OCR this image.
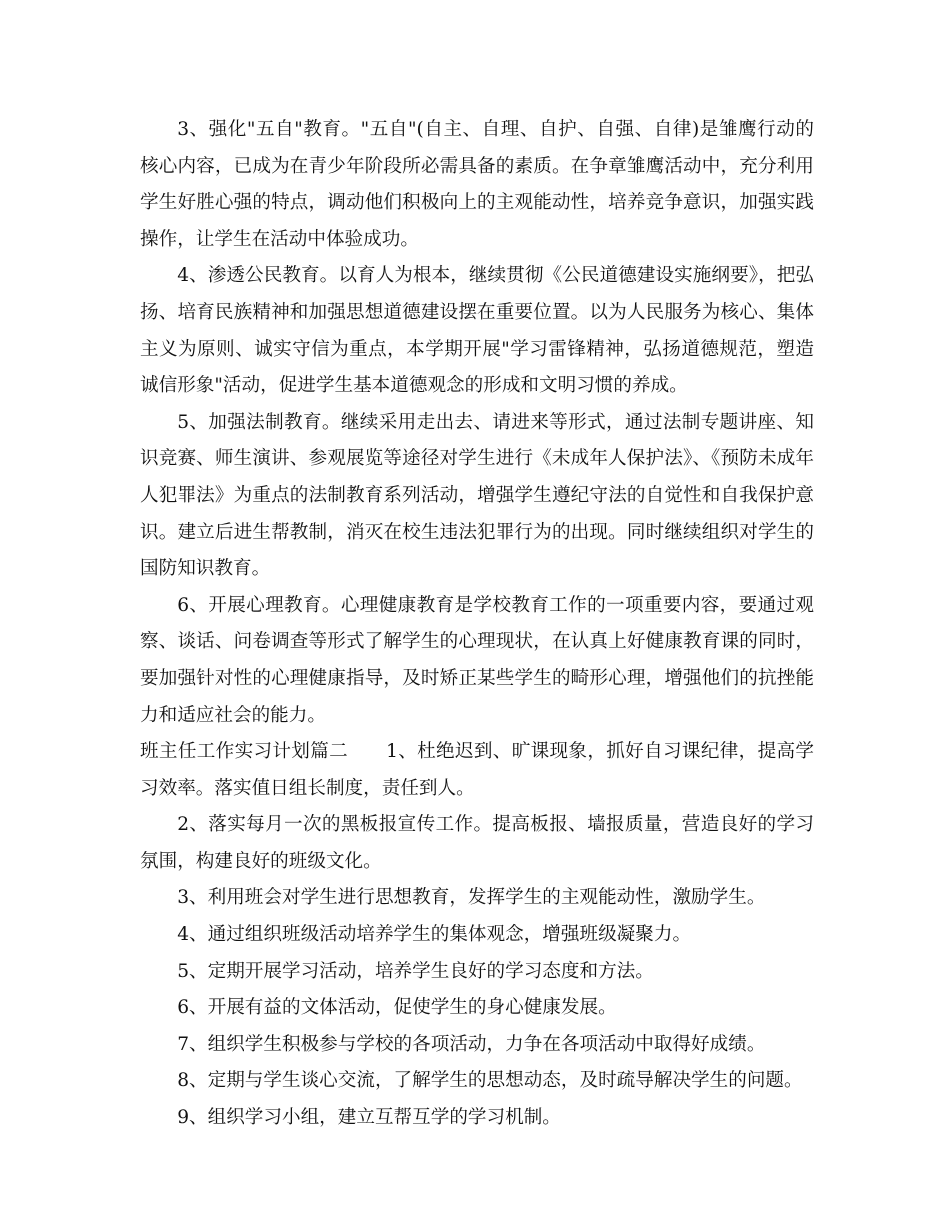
3、强化"五自"教育。"五自"(自主、自理、自护、自强、自律)是雏鹰行动的核心内容，已成为在青少年阶段所必需具备的素质。在争章雏鹰活动中，充分利用学生好胜心强的特点，调动他们积极向上的主观能动性，培养竞争意识，加强实践操作，让学生在活动中体验成功。

4、渗透公民教育。以育人为根本，继续贯彻《公民道德建设实施纲要》，把弘扬、培育民族精神和加强思想道德建设摆在重要位置。以为人民服务为核心、集体主义为原则、诚实守信为重点，本学期开展"学习雷锋精神，弘扬道德规范，塑造诚信形象"活动，促进学生基本道德观念的形成和文明习惯的养成。

5、加强法制教育。继续采用走出去、请进来等形式，通过法制专题讲座、知识竞赛、师生演讲、参观展览等途径对学生进行《未成年人保护法》、《预防未成年人犯罪法》为重点的法制教育系列活动，增强学生遵纪守法的自觉性和自我保护意识。建立后进生帮教制，消灭在校生违法犯罪行为的出现。同时继续组织对学生的国防知识教育。

6、开展心理教育。心理健康教育是学校教育工作的一项重要内容，要通过观察、谈话、问卷调查等形式了解学生的心理现状，在认真上好健康教育课的同时，要加强针对性的心理健康指导，及时矫正某些学生的畸形心理，增强他们的抗挫能力和适应社会的能力。

班主任工作实习计划篇二 1、杜绝迟到、旷课现象，抓好自习课纪律，提高学习效率。落实值日组长制度，责任到人。

2、落实每月一次的黑板报宣传工作。提高板报、墙报质量，营造良好的学习氛围，构建良好的班级文化。

3、利用班会对学生进行思想教育，发挥学生的主观能动性，激励学生。

4、通过组织班级活动培养学生的集体观念，增强班级凝聚力。

5、定期开展学习活动，培养学生良好的学习态度和方法。

6、开展有益的文体活动，促使学生的身心健康发展。

7、组织学生积极参与学校的各项活动，力争在各项活动中取得好成绩。

8、定期与学生谈心交流，了解学生的思想动态，及时疏导解决学生的问题。

9、组织学习小组，建立互帮互学的学习机制。
